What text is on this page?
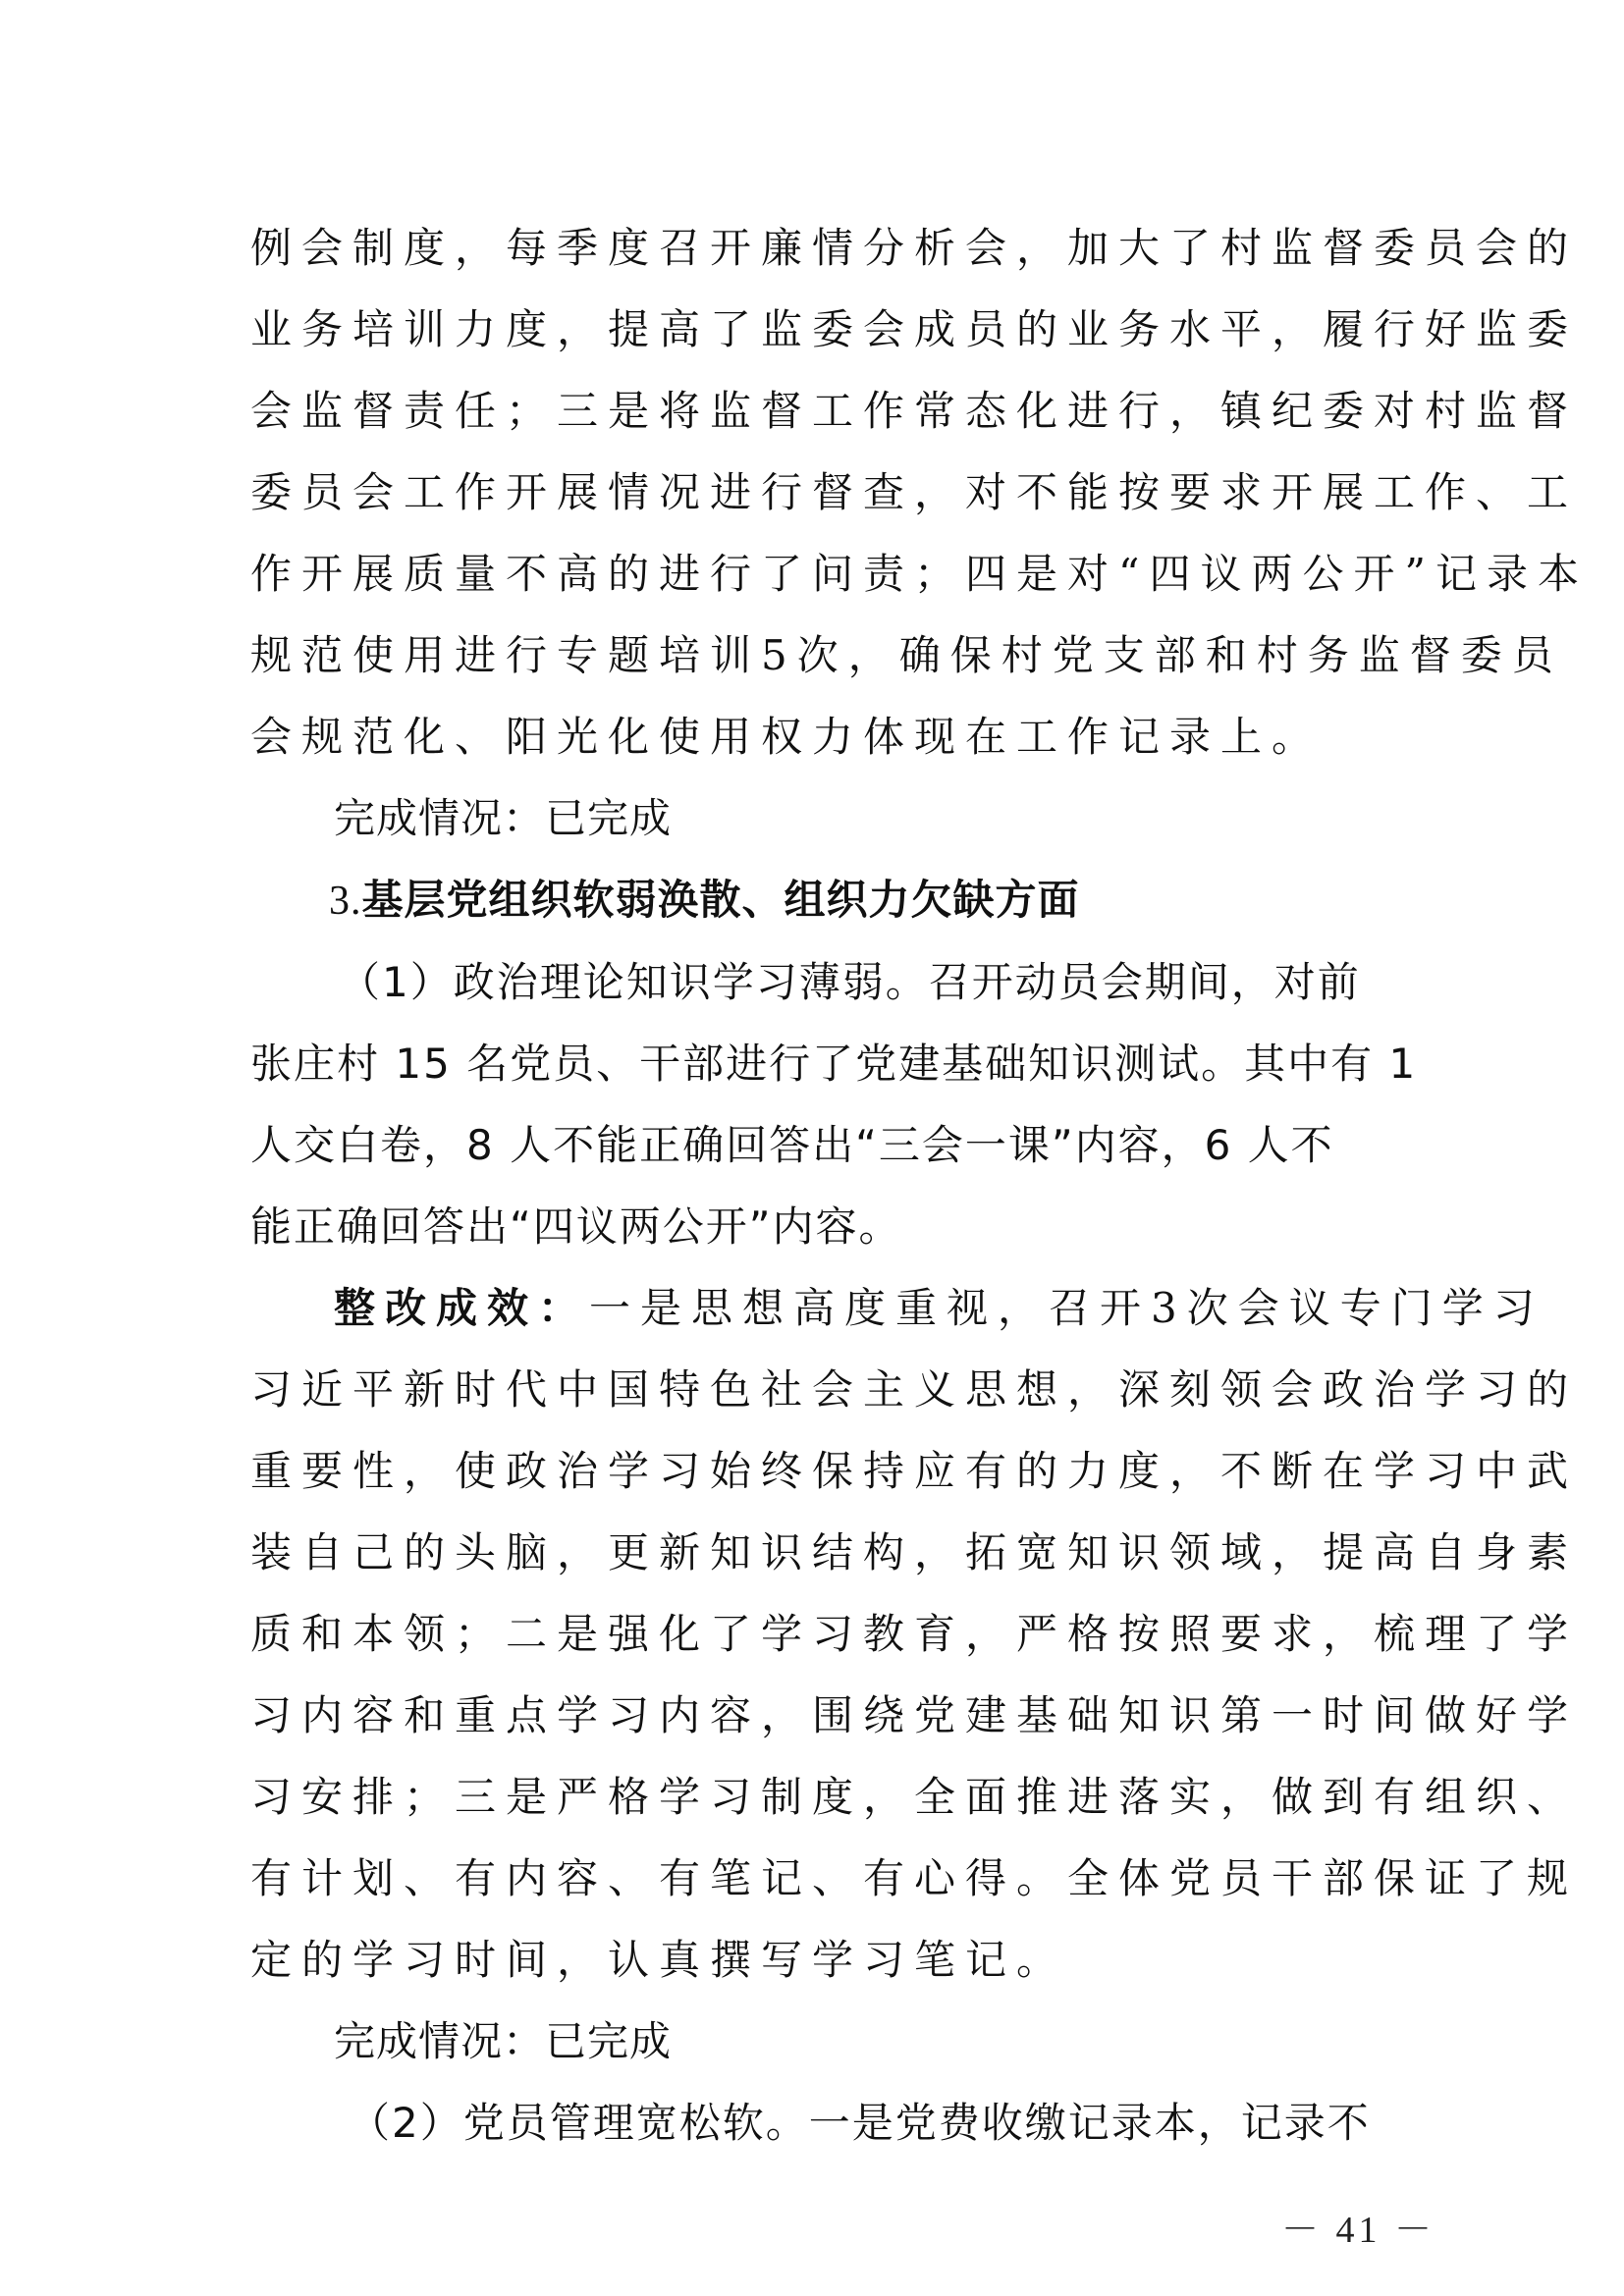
例会制度，每季度召开廉情分析会，加大了村监督委员会的
业务培训力度，提高了监委会成员的业务水平，履行好监委
会监督责任；三是将监督工作常态化进行，镇纪委对村监督
委员会工作开展情况进行督查，对不能按要求开展工作、工
作开展质量不高的进行了问责；四是对“四议两公开”记录本
规范使用进行专题培训5次，确保村党支部和村务监督委员
会规范化、阳光化使用权力体现在工作记录上。
完成情况：已完成
3.基层党组织软弱涣散、组织力欠缺方面
（1）政治理论知识学习薄弱。召开动员会期间，对前
张庄村 15 名党员、干部进行了党建基础知识测试。其中有 1
人交白卷，8 人不能正确回答出“三会一课”内容，6 人不
能正确回答出“四议两公开”内容。
整改成效：一是思想高度重视，召开3次会议专门学习
习近平新时代中国特色社会主义思想，深刻领会政治学习的
重要性，使政治学习始终保持应有的力度，不断在学习中武
装自己的头脑，更新知识结构，拓宽知识领域，提高自身素
质和本领；二是强化了学习教育，严格按照要求，梳理了学
习内容和重点学习内容，围绕党建基础知识第一时间做好学
习安排；三是严格学习制度，全面推进落实，做到有组织、
有计划、有内容、有笔记、有心得。全体党员干部保证了规
定的学习时间，认真撰写学习笔记。
完成情况：已完成
（2）党员管理宽松软。一是党费收缴记录本，记录不
－ 41 －
